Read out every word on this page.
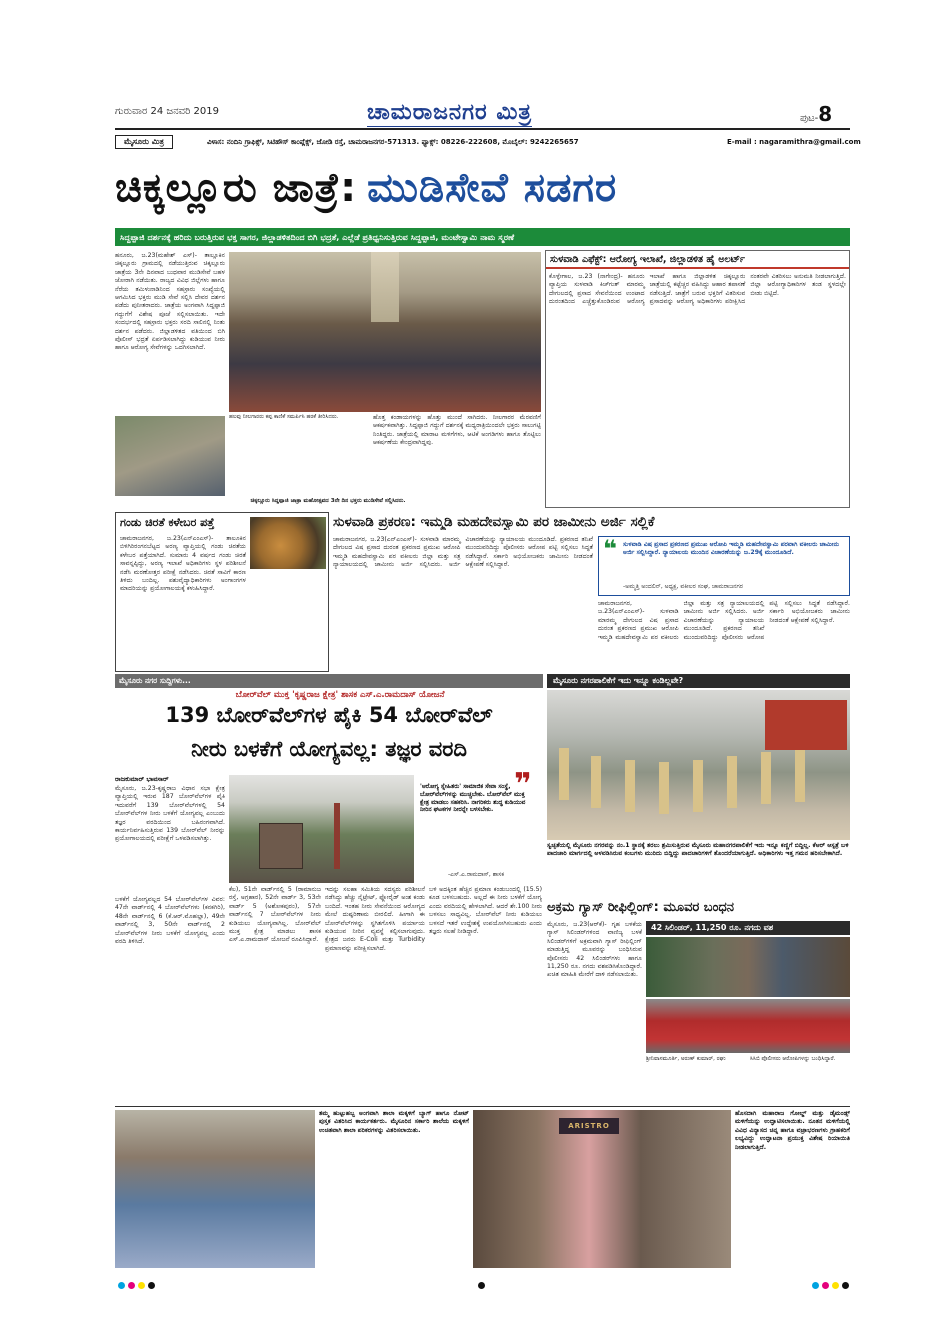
ಗುರುವಾರ 24 ಜನವರಿ 2019	ಚಾಮರಾಜನಗರ ಮಿತ್ರ	ಪುಟ- 8
ಮೈಸೂರು ಮಿತ್ರ	ವಿಳಾಸ: ನಂದಿನಿ ಗ್ರಾಫಿಕ್ಸ್, ಸಿಟಿಹೌಸ್ ಕಾಂಪ್ಲೆಕ್ಸ್, ಜೋಡಿ ರಸ್ತೆ, ಚಾಮರಾಜನಗರ-571313. ಫ್ಯಾಕ್ಸ್: 08226-222608, ಮೊಬೈಲ್: 9242265657	E-mail : nagaramithra@gmail.com
ಚಿಕ್ಕಲ್ಲೂರು ಜಾತ್ರೆ: ಮುಡಿಸೇವೆ ಸಡಗರ
ಸಿದ್ದಪ್ಪಾಜಿ ದರ್ಶನಕ್ಕೆ ಹರಿದು ಬರುತ್ತಿರುವ ಭಕ್ತ ಸಾಗರ, ಜಿಲ್ಲಾಡಳಿತದಿಂದ ಬಿಗಿ ಭದ್ರತೆ, ಎಲ್ಲೆಡೆ ಪ್ರತಿಧ್ವನಿಸುತ್ತಿರುವ ಸಿದ್ದಪ್ಪಾಜಿ, ಮಂಟೇಸ್ವಾಮಿ ನಾಮ ಸ್ಮರಣೆ
ಹನೂರು, ಜ.23(ಮಹೇಶ್ ಎಸ್)- ತಾಲ್ಲೂಕಿನ ಚಿಕ್ಕಲ್ಲೂರು ಗ್ರಾಮದಲ್ಲಿ ನಡೆಯುತ್ತಿರುವ ಚಿಕ್ಕಲ್ಲೂರು ಜಾತ್ರೆಯ 3ನೇ ದಿನವಾದ ಬುಧವಾರ ಮುಡಿಸೇವೆ ಬಹಳ ಜೋರಾಗಿ ನಡೆಯಿತು. ರಾಜ್ಯದ ವಿವಿಧ ಜಿಲ್ಲೆಗಳು ಹಾಗೂ ನೆರೆಯ ತಮಿಳುನಾಡಿನಿಂದ ಸಹಸ್ರಾರು ಸಂಖ್ಯೆಯಲ್ಲಿ ಆಗಮಿಸಿದ ಭಕ್ತರು ಮುಡಿ ಸೇವೆ ಸಲ್ಲಿಸಿ ದೇವರ ದರ್ಶನ ಪಡೆದು ಪುನೀತರಾದರು. ಜಾತ್ರೆಯ ಅಂಗವಾಗಿ ಸಿದ್ದಪ್ಪಾಜಿ ಗದ್ದುಗೆಗೆ ವಿಶೇಷ ಪೂಜೆ ಸಲ್ಲಿಸಲಾಯಿತು. ಇದೇ ಸಂದರ್ಭದಲ್ಲಿ ಸಹಸ್ರಾರು ಭಕ್ತರು ಸರದಿ ಸಾಲಿನಲ್ಲಿ ನಿಂತು ದರ್ಶನ ಪಡೆದರು. ಜಿಲ್ಲಾಡಳಿತದ ವತಿಯಿಂದ ಬಿಗಿ ಪೊಲೀಸ್ ಭದ್ರತೆ ಏರ್ಪಡಿಸಲಾಗಿದ್ದು ಕುಡಿಯುವ ನೀರು ಹಾಗೂ ಆರೋಗ್ಯ ಸೇವೆಗಳನ್ನು ಒದಗಿಸಲಾಗಿದೆ.
ಹಲವು ನೀಲಗಾರರು ಕಪ್ಪ ಕಾಣಿಕೆ ಸಮರ್ಪಿಸಿ ಹರಕೆ ತೀರಿಸಿದರು.	ಹೊತ್ತ ಕಂಡಾಯಗಳನ್ನು ಹೊತ್ತು ಮುಂದೆ ಸಾಗಿದರು. ನೀಲಗಾರರ ಮೆರವಣಿಗೆ ಆಕರ್ಷಕವಾಗಿತ್ತು. ಸಿದ್ದಪ್ಪಾಜಿ ಗದ್ದುಗೆ ದರ್ಶನಕ್ಕೆ ಮಧ್ಯರಾತ್ರಿಯಿಂದಲೇ ಭಕ್ತರು ಸಾಲುಗಟ್ಟಿ ನಿಂತಿದ್ದರು. ಜಾತ್ರೆಯಲ್ಲಿ ಮಾರಾಟ ಮಳಿಗೆಗಳು, ಆಟಿಕೆ ಅಂಗಡಿಗಳು ಹಾಗೂ ತೊಟ್ಟಿಲು ಆಕರ್ಷಣೆಯ ಕೇಂದ್ರವಾಗಿದ್ದವು.
ಚಿಕ್ಕಲ್ಲೂರು ಸಿದ್ದಪ್ಪಾಜಿ ಜಾತ್ರಾ ಮಹೋತ್ಸವದ 3ನೇ ದಿನ ಭಕ್ತರು ಮುಡಿಸೇವೆ ಸಲ್ಲಿಸಿದರು.
ಸುಳವಾಡಿ ಎಫೆಕ್ಟ್: ಆರೋಗ್ಯ ಇಲಾಖೆ, ಜಿಲ್ಲಾಡಳಿತ ಹೈ ಅಲರ್ಟ್
ಕೊಳ್ಳೇಗಾಲ, ಜ.23 (ನಾಗೇಂದ್ರ)- ಹನೂರು ವ್ಯಾಪ್ತಿಯ ಸುಳವಾಡಿ ಕಿಚ್‍ಗುತ್ ಮಾರಮ್ಮ ದೇಗುಲದಲ್ಲಿ ಪ್ರಸಾದ ಸೇವನೆಯಿಂದ ಉಂಟಾದ ದುರಂತದಿಂದ ಎಚ್ಚೆತ್ತುಕೊಂಡಿರುವ ಆರೋಗ್ಯ ಇಲಾಖೆ ಹಾಗೂ ಜಿಲ್ಲಾಡಳಿತ ಚಿಕ್ಕಲ್ಲೂರು ಜಾತ್ರೆಯಲ್ಲಿ ಕಟ್ಟೆಚ್ಚರ ವಹಿಸಿದ್ದು ಆಹಾರ ತಪಾಸಣೆ ನಡೆಸುತ್ತಿದೆ. ಜಾತ್ರೆಗೆ ಬರುವ ಭಕ್ತರಿಗೆ ವಿತರಿಸುವ ಪ್ರಸಾದವನ್ನು ಆರೋಗ್ಯ ಅಧಿಕಾರಿಗಳು ಪರೀಕ್ಷಿಸಿದ ನಂತರವೇ ವಿತರಿಸಲು ಅನುಮತಿ ನೀಡಲಾಗುತ್ತಿದೆ. ಜಿಲ್ಲಾ ಆರೋಗ್ಯಾಧಿಕಾರಿಗಳ ತಂಡ ಸ್ಥಳದಲ್ಲೇ ಬೀಡು ಬಿಟ್ಟಿದೆ.
ಗಂಡು ಚಿರತೆ ಕಳೇಬರ ಪತ್ತೆ
ಚಾಮರಾಜನಗರ, ಜ.23(ಎನ್‍ಎಂಎಸ್)- ತಾಲೂಕಿನ ಬಿಳಿಗಿರಿರಂಗನಬೆಟ್ಟದ ಅರಣ್ಯ ವ್ಯಾಪ್ತಿಯಲ್ಲಿ ಗಂಡು ಚಿರತೆಯ ಕಳೇಬರ ಪತ್ತೆಯಾಗಿದೆ. ಸುಮಾರು 4 ವರ್ಷದ ಗಂಡು ಚಿರತೆ ಸಾವನ್ನಪ್ಪಿದ್ದು, ಅರಣ್ಯ ಇಲಾಖೆ ಅಧಿಕಾರಿಗಳು ಸ್ಥಳ ಪರಿಶೀಲನೆ ನಡೆಸಿ ಮರಣೋತ್ತರ ಪರೀಕ್ಷೆ ನಡೆಸಿದರು. ಚಿರತೆ ಸಾವಿಗೆ ಕಾರಣ ತಿಳಿದು ಬಂದಿಲ್ಲ. ಪಶುವೈದ್ಯಾಧಿಕಾರಿಗಳು ಅಂಗಾಂಗಗಳ ಮಾದರಿಯನ್ನು ಪ್ರಯೋಗಾಲಯಕ್ಕೆ ಕಳುಹಿಸಿದ್ದಾರೆ.
ಸುಳವಾಡಿ ಪ್ರಕರಣ: ಇಮ್ಮಡಿ ಮಹದೇವಸ್ವಾಮಿ ಪರ ಜಾಮೀನು ಅರ್ಜಿ ಸಲ್ಲಿಕೆ
ಚಾಮರಾಜನಗರ, ಜ.23(ಎನ್‍ಎಂಎಸ್)- ಸುಳವಾಡಿ ಮಾರಮ್ಮ ದೇಗುಲದ ವಿಷ ಪ್ರಸಾದ ದುರಂತ ಪ್ರಕರಣದ ಪ್ರಮುಖ ಆರೋಪಿ ಇಮ್ಮಡಿ ಮಹದೇವಸ್ವಾಮಿ ಪರ ವಕೀಲರು ಜಿಲ್ಲಾ ಮತ್ತು ಸತ್ರ ನ್ಯಾಯಾಲಯದಲ್ಲಿ ಜಾಮೀನು ಅರ್ಜಿ ಸಲ್ಲಿಸಿದರು. ಅರ್ಜಿ ವಿಚಾರಣೆಯನ್ನು ನ್ಯಾಯಾಲಯ ಮುಂದೂಡಿದೆ. ಪ್ರಕರಣದ ತನಿಖೆ ಮುಂದುವರಿದಿದ್ದು ಪೊಲೀಸರು ಆರೋಪ ಪಟ್ಟಿ ಸಲ್ಲಿಸಲು ಸಿದ್ಧತೆ ನಡೆಸಿದ್ದಾರೆ. ಸರ್ಕಾರಿ ಅಭಿಯೋಜಕರು ಜಾಮೀನು ನೀಡದಂತೆ ಆಕ್ಷೇಪಣೆ ಸಲ್ಲಿಸಿದ್ದಾರೆ.
❝ ಸುಳವಾಡಿ ವಿಷ ಪ್ರಸಾದ ಪ್ರಕರಣದ ಪ್ರಮುಖ ಆರೋಪಿ ಇಮ್ಮಡಿ ಮಹದೇವಸ್ವಾಮಿ ಪರವಾಗಿ ವಕೀಲರು ಜಾಮೀನು ಅರ್ಜಿ ಸಲ್ಲಿಸಿದ್ದಾರೆ. ನ್ಯಾಯಾಲಯ ಮುಂದಿನ ವಿಚಾರಣೆಯನ್ನು ಜ.29ಕ್ಕೆ ಮುಂದೂಡಿದೆ.
-ಅಮ್ಮತ್ತಿ ಅಂದಲಿನ್, ಅಧ್ಯಕ್ಷ, ವಕೀಲರ ಸಂಘ, ಚಾಮರಾಜನಗರ
ಚಾಮರಾಜನಗರ, ಜ.23(ಎನ್‍ಎಂಎಸ್)- ಸುಳವಾಡಿ ಮಾರಮ್ಮ ದೇಗುಲದ ವಿಷ ಪ್ರಸಾದ ದುರಂತ ಪ್ರಕರಣದ ಪ್ರಮುಖ ಆರೋಪಿ ಇಮ್ಮಡಿ ಮಹದೇವಸ್ವಾಮಿ ಪರ ವಕೀಲರು ಜಿಲ್ಲಾ ಮತ್ತು ಸತ್ರ ನ್ಯಾಯಾಲಯದಲ್ಲಿ ಜಾಮೀನು ಅರ್ಜಿ ಸಲ್ಲಿಸಿದರು. ಅರ್ಜಿ ವಿಚಾರಣೆಯನ್ನು ನ್ಯಾಯಾಲಯ ಮುಂದೂಡಿದೆ. ಪ್ರಕರಣದ ತನಿಖೆ ಮುಂದುವರಿದಿದ್ದು ಪೊಲೀಸರು ಆರೋಪ ಪಟ್ಟಿ ಸಲ್ಲಿಸಲು ಸಿದ್ಧತೆ ನಡೆಸಿದ್ದಾರೆ. ಸರ್ಕಾರಿ ಅಭಿಯೋಜಕರು ಜಾಮೀನು ನೀಡದಂತೆ ಆಕ್ಷೇಪಣೆ ಸಲ್ಲಿಸಿದ್ದಾರೆ.
ಮೈಸೂರು ನಗರ ಸುದ್ದಿಗಳು...	ಮೈಸೂರು ನಗರಪಾಲಿಕೆಗೆ ಇದು ಇನ್ನೂ ಕಂಡಿಲ್ಲವೇ?
ಬೋರ್‌ವೆಲ್ ಮುಕ್ತ 'ಕೃಷ್ಣರಾಜ ಕ್ಷೇತ್ರ' ಶಾಸಕ ಎಸ್.ಎ.ರಾಮದಾಸ್ ಯೋಜನೆ
139 ಬೋರ್‌ವೆಲ್‌ಗಳ ಪೈಕಿ 54 ಬೋರ್‌ವೆಲ್
ನೀರು ಬಳಕೆಗೆ ಯೋಗ್ಯವಲ್ಲ: ತಜ್ಞರ ವರದಿ
ರಾಜಕುಮಾರ್ ಭಾವಸಾರ್
ಮೈಸೂರು, ಜ.23-ಕೃಷ್ಣರಾಜ ವಿಧಾನ ಸಭಾ ಕ್ಷೇತ್ರ ವ್ಯಾಪ್ತಿಯಲ್ಲಿ ಇರುವ 187 ಬೋರ್‌ವೆಲ್‌ಗಳ ಪೈಕಿ ಇದುವರೆಗೆ 139 ಬೋರ್‌ವೆಲ್‌ಗಳಲ್ಲಿ 54 ಬೋರ್‌ವೆಲ್‌ಗಳ ನೀರು ಬಳಕೆಗೆ ಯೋಗ್ಯವಲ್ಲ ಎಂಬುದು ತಜ್ಞರ ವರದಿಯಿಂದ ಬಹಿರಂಗವಾಗಿದೆ. ಕಾರ್ಯನಿರ್ವಹಿಸುತ್ತಿರುವ 139 ಬೋರ್‌ವೆಲ್ ನೀರನ್ನು ಪ್ರಯೋಗಾಲಯದಲ್ಲಿ ಪರೀಕ್ಷೆಗೆ ಒಳಪಡಿಸಲಾಗಿತ್ತು.
ಬಳಕೆಗೆ ಯೋಗ್ಯವಲ್ಲದ 54 ಬೋರ್‌ವೆಲ್‌ಗಳ ವಿವರ: 47ನೇ ವಾರ್ಡ್‌ನಲ್ಲಿ 4 ಬೋರ್‌ವೆಲ್‌ಗಳು (ಕನಕಗಿರಿ), 48ನೇ ವಾರ್ಡ್‌ನಲ್ಲಿ 6 (ಕೆ.ಆರ್.ಮೊಹಲ್ಲಾ), 49ನೇ ವಾರ್ಡ್‌ನಲ್ಲಿ 3, 50ನೇ ವಾರ್ಡ್‌ನಲ್ಲಿ 2 ಬೋರ್‌ವೆಲ್‌ಗಳ ನೀರು ಬಳಕೆಗೆ ಯೋಗ್ಯವಲ್ಲ ಎಂದು ವರದಿ ತಿಳಿಸಿದೆ.
❞
'ಆರೋಗ್ಯ ಸ್ನೇಹಿತರು' ಸಾಮಾಜಿಕ ಸೇವಾ ಸಂಸ್ಥೆ, ಬೋರ್‌ವೆಲ್‌ಗಳನ್ನು ಮುಚ್ಚಬೇಕು. ಬೋರ್‌ವೆಲ್ ಮುಕ್ತ ಕ್ಷೇತ್ರ ಮಾಡಲು ಸಹಕರಿಸಿ. ನಾಗರಿಕರು ಶುದ್ಧ ಕುಡಿಯುವ ನೀರಿನ ಘಟಕಗಳ ನೀರನ್ನೇ ಬಳಸಬೇಕು.
-ಎಸ್.ಎ.ರಾಮದಾಸ್, ಶಾಸಕ
ಕೆಲ), 51ನೇ ವಾರ್ಡ್‌ನಲ್ಲಿ 5 (ರಾಮಾನುಜ ರಸ್ತೆ, ಅಗ್ರಹಾರ), 52ನೇ ವಾರ್ಡ್ 3, 53ನೇ ವಾರ್ಡ್ 5 (ಅಶೋಕಪುರಂ), 57ನೇ ವಾರ್ಡ್‌ನಲ್ಲಿ 7 ಬೋರ್‌ವೆಲ್‌ಗಳ ನೀರು ಕುಡಿಯಲು ಯೋಗ್ಯವಾಗಿಲ್ಲ. ಬೋರ್‌ವೆಲ್ ಮುಕ್ತ ಕ್ಷೇತ್ರ ಮಾಡಲು ಶಾಸಕ ಎಸ್.ಎ.ರಾಮದಾಸ್ ಯೋಜನೆ ರೂಪಿಸಿದ್ದಾರೆ.
ಇದನ್ನು ಸಲಹಾ ಸಮಿತಿಯ ಸದಸ್ಯರು ಪರಿಶೀಲನೆ ನಡೆಸಿದ್ದು ಹೆಚ್ಚು ನೈಟ್ರೇಟ್, ಫ್ಲೋರೈಡ್ ಅಂಶ ಕಂಡು ಬಂದಿದೆ. ಇಂತಹ ನೀರು ಸೇವನೆಯಿಂದ ಆರೋಗ್ಯದ ಮೇಲೆ ದುಷ್ಪರಿಣಾಮ ಬೀರಲಿದೆ. ಹೀಗಾಗಿ ಈ ಬೋರ್‌ವೆಲ್‌ಗಳನ್ನು ಸ್ಥಗಿತಗೊಳಿಸಿ ಪರ್ಯಾಯ ಕುಡಿಯುವ ನೀರಿನ ವ್ಯವಸ್ಥೆ ಕಲ್ಪಿಸಲಾಗುವುದು. ಕ್ಷೇತ್ರದ ಜನರು E-Coli ಮತ್ತು Turbidity ಪ್ರಮಾಣವನ್ನು ಪರೀಕ್ಷಿಸಲಾಗಿದೆ.
ಬಳಿ ಅದಕ್ಕಿಂತ ಹೆಚ್ಚಿನ ಪ್ರಮಾಣ ಕಂಡುಬಂದಲ್ಲಿ (15.5) ಕೂಡ ಬಳಸಬಹುದು. ಅಲ್ಲದೆ ಈ ನೀರು ಬಳಕೆಗೆ ಯೋಗ್ಯ ಎಂದು ವರದಿಯಲ್ಲಿ ಹೇಳಲಾಗಿದೆ. ಆದರೆ ಶೇ.100 ನೀರು ಬಳಸಲು ಸಾಧ್ಯವಿಲ್ಲ. ಬೋರ್‌ವೆಲ್ ನೀರು ಕುಡಿಯಲು ಬಳಸದೆ ಇತರೆ ಉದ್ದೇಶಕ್ಕೆ ಉಪಯೋಗಿಸಬಹುದು ಎಂದು ತಜ್ಞರು ಸಲಹೆ ನೀಡಿದ್ದಾರೆ.
ಸ್ವಚ್ಛತೆಯಲ್ಲಿ ಮೈಸೂರು ನಗರವನ್ನು ನಂ.1 ಸ್ಥಾನಕ್ಕೆ ತರಲು ಶ್ರಮಿಸುತ್ತಿರುವ ಮೈಸೂರು ಮಹಾನಗರಪಾಲಿಕೆಗೆ ಇದು ಇನ್ನೂ ಕಣ್ಣಿಗೆ ಬಿದ್ದಿಲ್ಲ. ಕೆಆರ್ ಆಸ್ಪತ್ರೆ ಬಳಿ ಪಾದಚಾರಿ ಮಾರ್ಗದಲ್ಲಿ ಅಳವಡಿಸಿರುವ ಕಂಬಗಳು ಮುರಿದು ಬಿದ್ದಿದ್ದು ಪಾದಚಾರಿಗಳಿಗೆ ತೊಂದರೆಯಾಗುತ್ತಿದೆ. ಅಧಿಕಾರಿಗಳು ಇತ್ತ ಗಮನ ಹರಿಸಬೇಕಾಗಿದೆ.
ಅಕ್ರಮ ಗ್ಯಾಸ್ ರೀಫಿಲ್ಲಿಂಗ್: ಮೂವರ ಬಂಧನ
ಮೈಸೂರು, ಜ.23(ಆರ್‌ಕೆ)- ಗೃಹ ಬಳಕೆಯ ಗ್ಯಾಸ್ ಸಿಲಿಂಡರ್‌ಗಳಿಂದ ವಾಣಿಜ್ಯ ಬಳಕೆ ಸಿಲಿಂಡರ್‌ಗಳಿಗೆ ಅಕ್ರಮವಾಗಿ ಗ್ಯಾಸ್ ರೀಫಿಲ್ಲಿಂಗ್ ಮಾಡುತ್ತಿದ್ದ ಮೂವರನ್ನು ಬಂಧಿಸಿರುವ ಪೊಲೀಸರು 42 ಸಿಲಿಂಡರ್‌ಗಳು ಹಾಗೂ 11,250 ರೂ. ನಗದು ವಶಪಡಿಸಿಕೊಂಡಿದ್ದಾರೆ. ಖಚಿತ ಮಾಹಿತಿ ಮೇರೆಗೆ ದಾಳಿ ನಡೆಸಲಾಯಿತು.
42 ಸಿಲಿಂಡರ್, 11,250 ರೂ. ನಗದು ವಶ
ಶ್ರೀನಿವಾಸಮೂರ್ತಿ, ಅರುಣ್ ಕುಮಾರ್, ರಘು	ಸಿಸಿಬಿ ಪೊಲೀಸರು ಆರೋಪಿಗಳನ್ನು ಬಂಧಿಸಿದ್ದಾರೆ.
ತಮ್ಮ ಹುಟ್ಟುಹಬ್ಬ ಅಂಗವಾಗಿ ಶಾಲಾ ಮಕ್ಕಳಿಗೆ ಬ್ಯಾಗ್ ಹಾಗೂ ನೋಟ್ ಪುಸ್ತಕ ವಿತರಿಸಿದ ಕಾರ್ಯಕರ್ತರು. ಮೈಸೂರಿನ ಸರ್ಕಾರಿ ಶಾಲೆಯ ಮಕ್ಕಳಿಗೆ ಉಚಿತವಾಗಿ ಶಾಲಾ ಪರಿಕರಗಳನ್ನು ವಿತರಿಸಲಾಯಿತು.
ARISTRO
ಹೊಸದಾಗಿ ಮಹಾರಾಜ ಗೋಲ್ಡ್ ಮತ್ತು ಡೈಮಂಡ್ಸ್ ಮಳಿಗೆಯನ್ನು ಉದ್ಘಾಟಿಸಲಾಯಿತು. ನೂತನ ಮಳಿಗೆಯಲ್ಲಿ ವಿವಿಧ ವಿನ್ಯಾಸದ ಚಿನ್ನ ಹಾಗೂ ವಜ್ರಾಭರಣಗಳು ಗ್ರಾಹಕರಿಗೆ ಲಭ್ಯವಿದ್ದು ಉದ್ಘಾಟನಾ ಪ್ರಯುಕ್ತ ವಿಶೇಷ ರಿಯಾಯಿತಿ ನೀಡಲಾಗುತ್ತಿದೆ.
